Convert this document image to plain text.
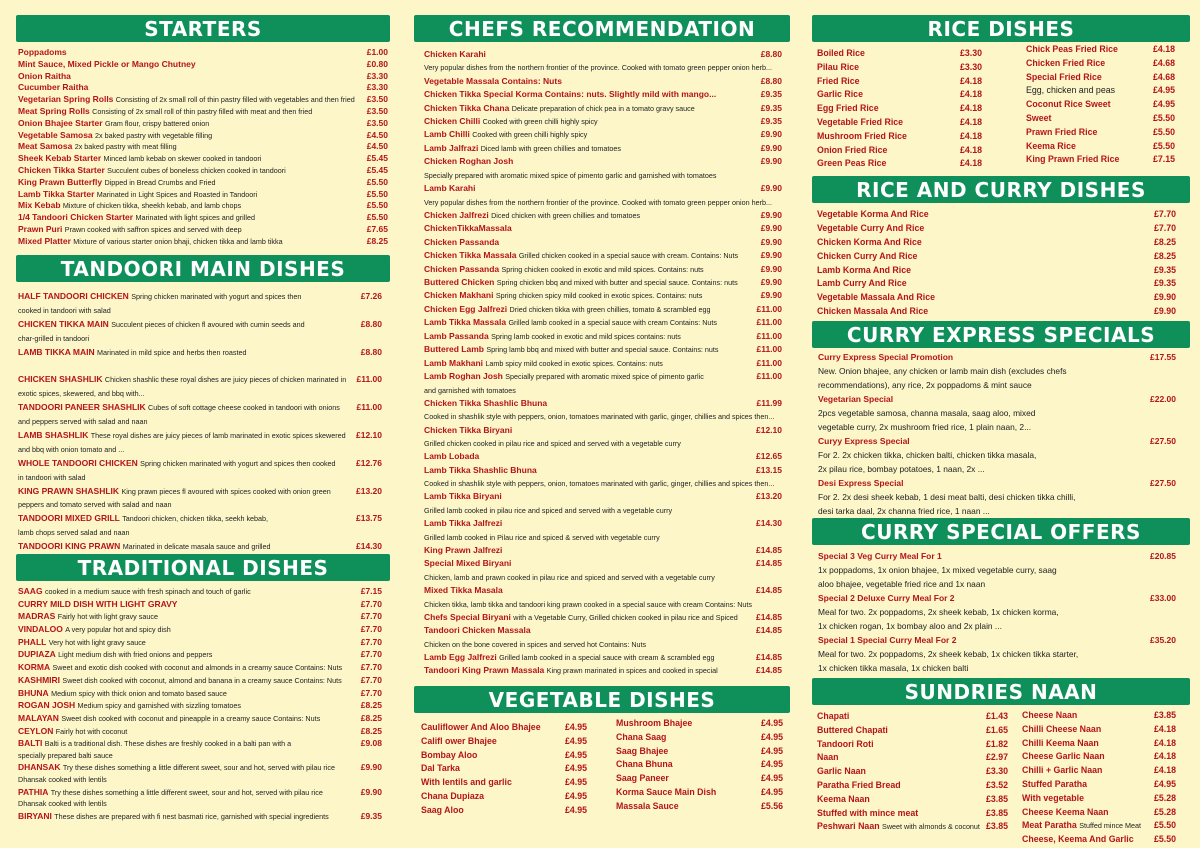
STARTERS
Poppadoms	£1.00
Mint Sauce, Mixed Pickle or Mango Chutney	£0.80
Onion Raitha	£3.30
Cucumber Raitha	£3.30
Vegetarian Spring Rolls Consisting of 2x small roll of thin pastry filled with vegetables and then fried £3.50
Meat Spring Rolls Consisting of 2x small roll of thin pastry filled with meat and then fried	£3.50
Onion Bhajee Starter Gram flour, crispy battered onion	£3.50
Vegetable Samosa 2x baked pastry with vegetable filling	£4.50
Meat Samosa 2x baked pastry with meat filling	£4.50
Sheek Kebab Starter Minced lamb kebab on skewer cooked in tandoori	£5.45
Chicken Tikka Starter Succulent cubes of boneless chicken cooked in tandoori	£5.45
King Prawn Butterfly Dipped in Bread Crumbs and Fried	£5.50
Lamb Tikka Starter Marinated in Light Spices and Roasted in Tandoori	£5.50
Mix Kebab Mixture of chicken tikka, sheekh kebab, and lamb chops	£5.50
1/4 Tandoori Chicken Starter Marinated with light spices and grilled	£5.50
Prawn Puri Prawn cooked with saffron spices and served with deep	£7.65
Mixed Platter Mixture of various starter onion bhaji, chicken tikka and lamb tikka	£8.25
TANDOORI MAIN DISHES
HALF TANDOORI CHICKEN Spring chicken marinated with yogurt and spices then	£7.26
cooked in tandoori with salad
CHICKEN TIKKA MAIN Succulent pieces of chicken fl avoured with cumin seeds and	£8.80
char-grilled in tandoori
LAMB TIKKA MAIN Marinated in mild spice and herbs then roasted	£8.80
CHICKEN SHASHLIK Chicken shashlic these royal dishes are juicy pieces of chicken marinated in £11.00
exotic spices, skewered, and bbq with...
TANDOORI PANEER SHASHLIK Cubes of soft cottage cheese cooked in tandoori with onions £11.00
and peppers served with salad and naan
LAMB SHASHLIK These royal dishes are juicy pieces of lamb marinated in exotic spices skewered £12.10
and bbq with onion tomato and ...
WHOLE TANDOORI CHICKEN Spring chicken marinated with yogurt and spices then cooked £12.76
in tandoori with salad
KING PRAWN SHASHLIK King prawn pieces fl avoured with spices cooked with onion green	£13.20
peppers and tomato served with salad and naan
TANDOORI MIXED GRILL Tandoori chicken, chicken tikka, seekh kebab,	£13.75
lamb chops served salad and naan
TANDOORI KING PRAWN Marinated in delicate masala sauce and grilled	£14.30
TRADITIONAL DISHES
SAAG cooked in a medium sauce with fresh spinach and touch of garlic	£7.15
CURRY MILD DISH WITH LIGHT GRAVY	£7.70
MADRAS Fairly hot with light gravy sauce	£7.70
VINDALOO A very popular hot and spicy dish	£7.70
PHALL Very hot with light gravy sauce	£7.70
DUPIAZA Light medium dish with fried onions and peppers	£7.70
KORMA Sweet and exotic dish cooked with coconut and almonds in a creamy sauce Contains: Nuts £7.70
KASHMIRI Sweet dish cooked with coconut, almond and banana in a creamy sauce Contains: Nuts £7.70
BHUNA Medium spicy with thick onion and tomato based sauce	£7.70
ROGAN JOSH Medium spicy and garnished with sizzling tomatoes	£8.25
MALAYAN Sweet dish cooked with coconut and pineapple in a creamy sauce Contains: Nuts	£8.25
CEYLON Fairly hot with coconut	£8.25
BALTI Balti is a traditional dish. These dishes are freshly cooked in a balti pan with a	£9.08
specially prepared balti sauce
DHANSAK Try these dishes something a little different sweet, sour and hot, served with pilau rice	£9.90
Dhansak cooked with lentils
PATHIA Try these dishes something a little different sweet, sour and hot, served with pilau rice	£9.90
Dhansak cooked with lentils
BIRYANI These dishes are prepared with fi nest basmati rice, garnished with special ingredients	£9.35
CHEFS RECOMMENDATION
Chicken Karahi	£8.80
Very popular dishes from the northern frontier of the province. Cooked with tomato green pepper onion herb...
Vegetable Massala Contains: Nuts	£8.80
Chicken Tikka Special Korma Contains: nuts. Slightly mild with mango...	£9.35
Chicken Tikka Chana Delicate preparation of chick pea in a tomato gravy sauce	£9.35
Chicken Chilli Cooked with green chilli highly spicy	£9.35
Lamb Chilli Cooked with green chilli highly spicy	£9.90
Lamb Jalfrazi Diced lamb with green chillies and tomatoes	£9.90
Chicken Roghan Josh	£9.90
Specially prepared with aromatic mixed spice of pimento garlic and garnished with tomatoes
Lamb Karahi	£9.90
Very popular dishes from the northern frontier of the province. Cooked with tomato green pepper onion herb...
Chicken Jalfrezi Diced chicken with green chillies and tomatoes	£9.90
ChickenTikkaMassala	£9.90
Chicken Passanda	£9.90
Chicken Tikka Massala Grilled chicken cooked in a special sauce with cream. Contains: Nuts	£9.90
Chicken Passanda Spring chicken cooked in exotic and mild spices. Contains: nuts	£9.90
Buttered Chicken Spring chicken bbq and mixed with butter and special sauce. Contains: nuts	£9.90
Chicken Makhani Spring chicken spicy mild cooked in exotic spices. Contains: nuts	£9.90
Chicken Egg Jalfrezi Dried chicken tikka with green chillies, tomato & scrambled egg	£11.00
Lamb Tikka Massala Grilled lamb cooked in a special sauce with cream Contains: Nuts	£11.00
Lamb Passanda Spring lamb cooked in exotic and mild spices contains: nuts	£11.00
Buttered Lamb Spring lamb bbq and mixed with butter and special sauce. Contains: nuts	£11.00
Lamb Makhani Lamb spicy mild cooked in exotic spices. Contains: nuts	£11.00
Lamb Roghan Josh Specially prepared with aromatic mixed spice of pimento garlic	£11.00
and garnished with tomatoes
Chicken Tikka Shashlic Bhuna	£11.99
Cooked in shashlik style with peppers, onion, tomatoes marinated with garlic, ginger, chillies and spices then...
Chicken Tikka Biryani	£12.10
Grilled chicken cooked in pilau rice and spiced and served with a vegetable curry
Lamb Lobada	£12.65
Lamb Tikka Shashlic Bhuna	£13.15
Cooked in shashlik style with peppers, onion, tomatoes marinated with garlic, ginger, chillies and spices then...
Lamb Tikka Biryani	£13.20
Grilled lamb cooked in pilau rice and spiced and served with a vegetable curry
Lamb Tikka Jalfrezi	£14.30
Grilled lamb cooked in Pilau rice and spiced & served with vegetable curry
King Prawn Jalfrezi	£14.85
Special Mixed Biryani	£14.85
Chicken, lamb and prawn cooked in pilau rice and spiced and served with a vegetable curry
Mixed Tikka Masala	£14.85
Chicken tikka, lamb tikka and tandoori king prawn cooked in a special sauce with cream Contains: Nuts
Chefs Special Biryani with a Vegetable Curry, Grilled chicken cooked in pilau rice and Spiced £14.85
Tandoori Chicken Massala	£14.85
Chicken on the bone covered in spices and served hot Contains: Nuts
Lamb Egg Jalfrezi Grilled lamb cooked in a special sauce with cream & scrambled egg	£14.85
Tandoori King Prawn Massala King prawn marinated in spices and cooked in special	£14.85
VEGETABLE DISHES
Cauliflower And Aloo Bhajee	£4.95
Califl ower Bhajee	£4.95
Bombay Aloo	£4.95
Dal Tarka	£4.95
With lentils and garlic	£4.95
Chana Dupiaza	£4.95
Saag Aloo	£4.95
Mushroom Bhajee	£4.95
Chana Saag	£4.95
Saag Bhajee	£4.95
Chana Bhuna	£4.95
Saag Paneer	£4.95
Korma Sauce Main Dish	£4.95
Massala Sauce	£5.56
RICE DISHES
Boiled Rice	£3.30
Pilau Rice	£3.30
Fried Rice	£4.18
Garlic Rice	£4.18
Egg Fried Rice	£4.18
Vegetable Fried Rice	£4.18
Mushroom Fried Rice	£4.18
Onion Fried Rice	£4.18
Green Peas Rice	£4.18
Chick Peas Fried Rice	£4.18
Chicken Fried Rice	£4.68
Special Fried Rice	£4.68
Egg, chicken and peas	£4.95
Coconut Rice Sweet	£4.95
Sweet	£5.50
Prawn Fried Rice	£5.50
Keema Rice	£5.50
King Prawn Fried Rice	£7.15
RICE AND CURRY DISHES
Vegetable Korma And Rice	£7.70
Vegetable Curry And Rice	£7.70
Chicken Korma And Rice	£8.25
Chicken Curry And Rice	£8.25
Lamb Korma And Rice	£9.35
Lamb Curry And Rice	£9.35
Vegetable Massala And Rice	£9.90
Chicken Massala And Rice	£9.90
CURRY EXPRESS SPECIALS
Curry Express Special Promotion	£17.55
New. Onion bhajee, any chicken or lamb main dish (excludes chefs
recommendations), any rice, 2x poppadoms & mint sauce
Vegetarian Special	£22.00
2pcs vegetable samosa, channa masala, saag aloo, mixed
vegetable curry, 2x mushroom fried rice, 1 plain naan, 2...
Curyy Express Special	£27.50
For 2. 2x chicken tikka, chicken balti, chicken tikka masala,
2x pilau rice, bombay potatoes, 1 naan, 2x ...
Desi Express Special	£27.50
For 2. 2x desi sheek kebab, 1 desi meat balti, desi chicken tikka chilli,
desi tarka daal, 2x channa fried rice, 1 naan ...
CURRY SPECIAL OFFERS
Special 3 Veg Curry Meal For 1	£20.85
1x poppadoms, 1x onion bhajee, 1x mixed vegetable curry, saag
aloo bhajee, vegetable fried rice and 1x naan
Special 2 Deluxe Curry Meal For 2	£33.00
Meal for two. 2x poppadoms, 2x sheek kebab, 1x chicken korma,
1x chicken rogan, 1x bombay aloo and 2x plain ...
Special 1 Special Curry Meal For 2	£35.20
Meal for two. 2x poppadoms, 2x sheek kebab, 1x chicken tikka starter,
1x chicken tikka masala, 1x chicken balti
SUNDRIES NAAN
Chapati	£1.43
Buttered Chapati	£1.65
Tandoori Roti	£1.82
Naan	£2.97
Garlic Naan	£3.30
Paratha Fried Bread	£3.52
Keema Naan	£3.85
Stuffed with mince meat	£3.85
Peshwari Naan Sweet with almonds & coconut £3.85
Cheese Naan	£3.85
Chilli Cheese Naan	£4.18
Chilli Keema Naan	£4.18
Cheese Garlic Naan	£4.18
Chilli + Garlic Naan	£4.18
Stuffed Paratha	£4.95
With vegetable	£5.28
Cheese Keema Naan	£5.28
Meat Paratha Stuffed mince Meat £5.50
Cheese, Keema And Garlic £5.50
